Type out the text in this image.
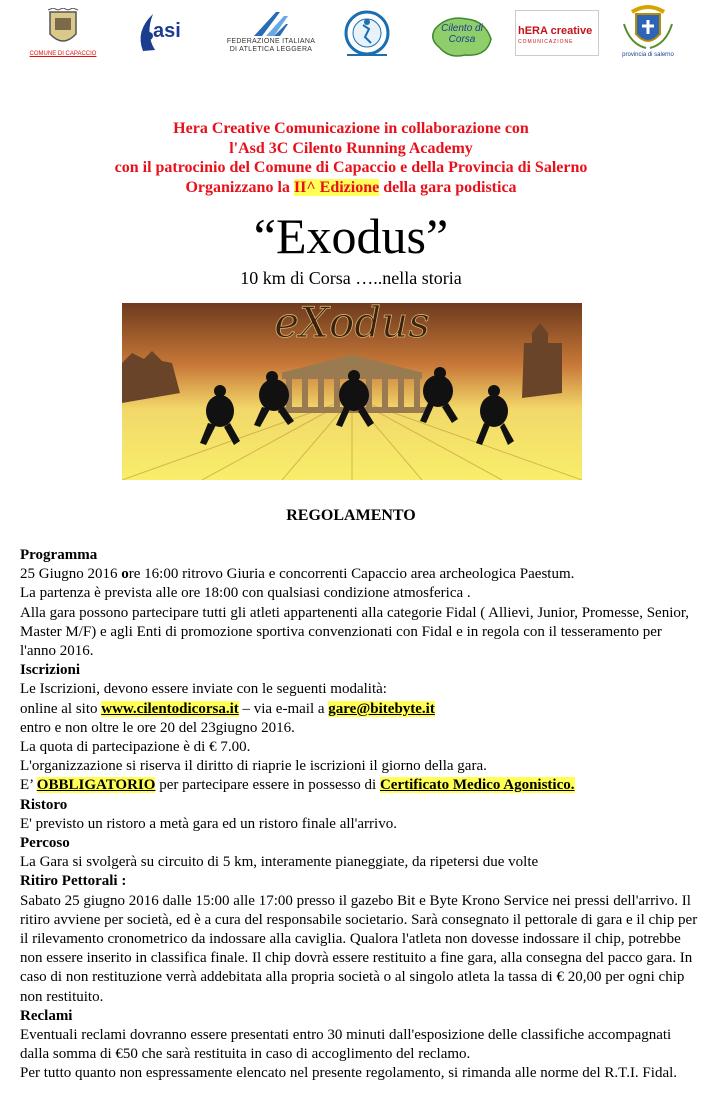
COMUNE DI CAPACCIO
asi	FEDERAZIONE ITALIANA
DI ATLETICA LEGGERA
Cilento di Corsa
hERA creative
COMUNICAZIONE
provincia di salerno
Hera Creative Comunicazione in collaborazione con
l'Asd 3C Cilento Running Academy
con il patrocinio del Comune di Capaccio e della Provincia di Salerno
Organizzano la II^ Edizione della gara podistica
“Exodus”
10 km di Corsa …..nella storia
eXodus
REGOLAMENTO

Programma

25 Giugno 2016 ore 16:00 ritrovo Giuria e concorrenti Capaccio area archeologica Paestum.

La partenza è prevista alle ore 18:00 con qualsiasi condizione atmosferica .

Alla gara possono partecipare tutti gli atleti appartenenti alla categorie Fidal ( Allievi, Junior, Promesse, Senior, Master M/F) e agli Enti di promozione sportiva convenzionati con Fidal e in regola con il tesseramento per l'anno 2016.

Iscrizioni

Le Iscrizioni, devono essere inviate con le seguenti modalità:

online al sito www.cilentodicorsa.it – via e-mail a gare@bitebyte.it

entro e non oltre le ore 20 del 23giugno 2016.

La quota di partecipazione è di € 7.00.

L'organizzazione si riserva il diritto di riaprie le iscrizioni il giorno della gara.

E’ OBBLIGATORIO per partecipare essere in possesso di Certificato Medico Agonistico.

Ristoro

E' previsto un ristoro a metà gara ed un ristoro finale all'arrivo.

Percoso

La Gara si svolgerà su circuito di 5 km, interamente pianeggiate, da ripetersi due volte

Ritiro Pettorali :

Sabato 25 giugno 2016 dalle 15:00 alle 17:00 presso il gazebo Bit e Byte Krono Service nei pressi dell'arrivo. Il ritiro avviene per società, ed è a cura del responsabile societario. Sarà consegnato il pettorale di gara e il chip per il rilevamento cronometrico da indossare alla caviglia. Qualora l'atleta non dovesse indossare il chip, potrebbe non essere inserito in classifica finale. Il chip dovrà essere restituito a fine gara, alla consegna del pacco gara. In caso di non restituzione verrà addebitata alla propria società o al singolo atleta la tassa di € 20,00 per ogni chip non restituito.

Reclami

Eventuali reclami dovranno essere presentati entro 30 minuti dall'esposizione delle classifiche accompagnati dalla somma di €50 che sarà restituita in caso di accoglimento del reclamo.

Per tutto quanto non espressamente elencato nel presente regolamento, si rimanda alle norme del R.T.I. Fidal.
